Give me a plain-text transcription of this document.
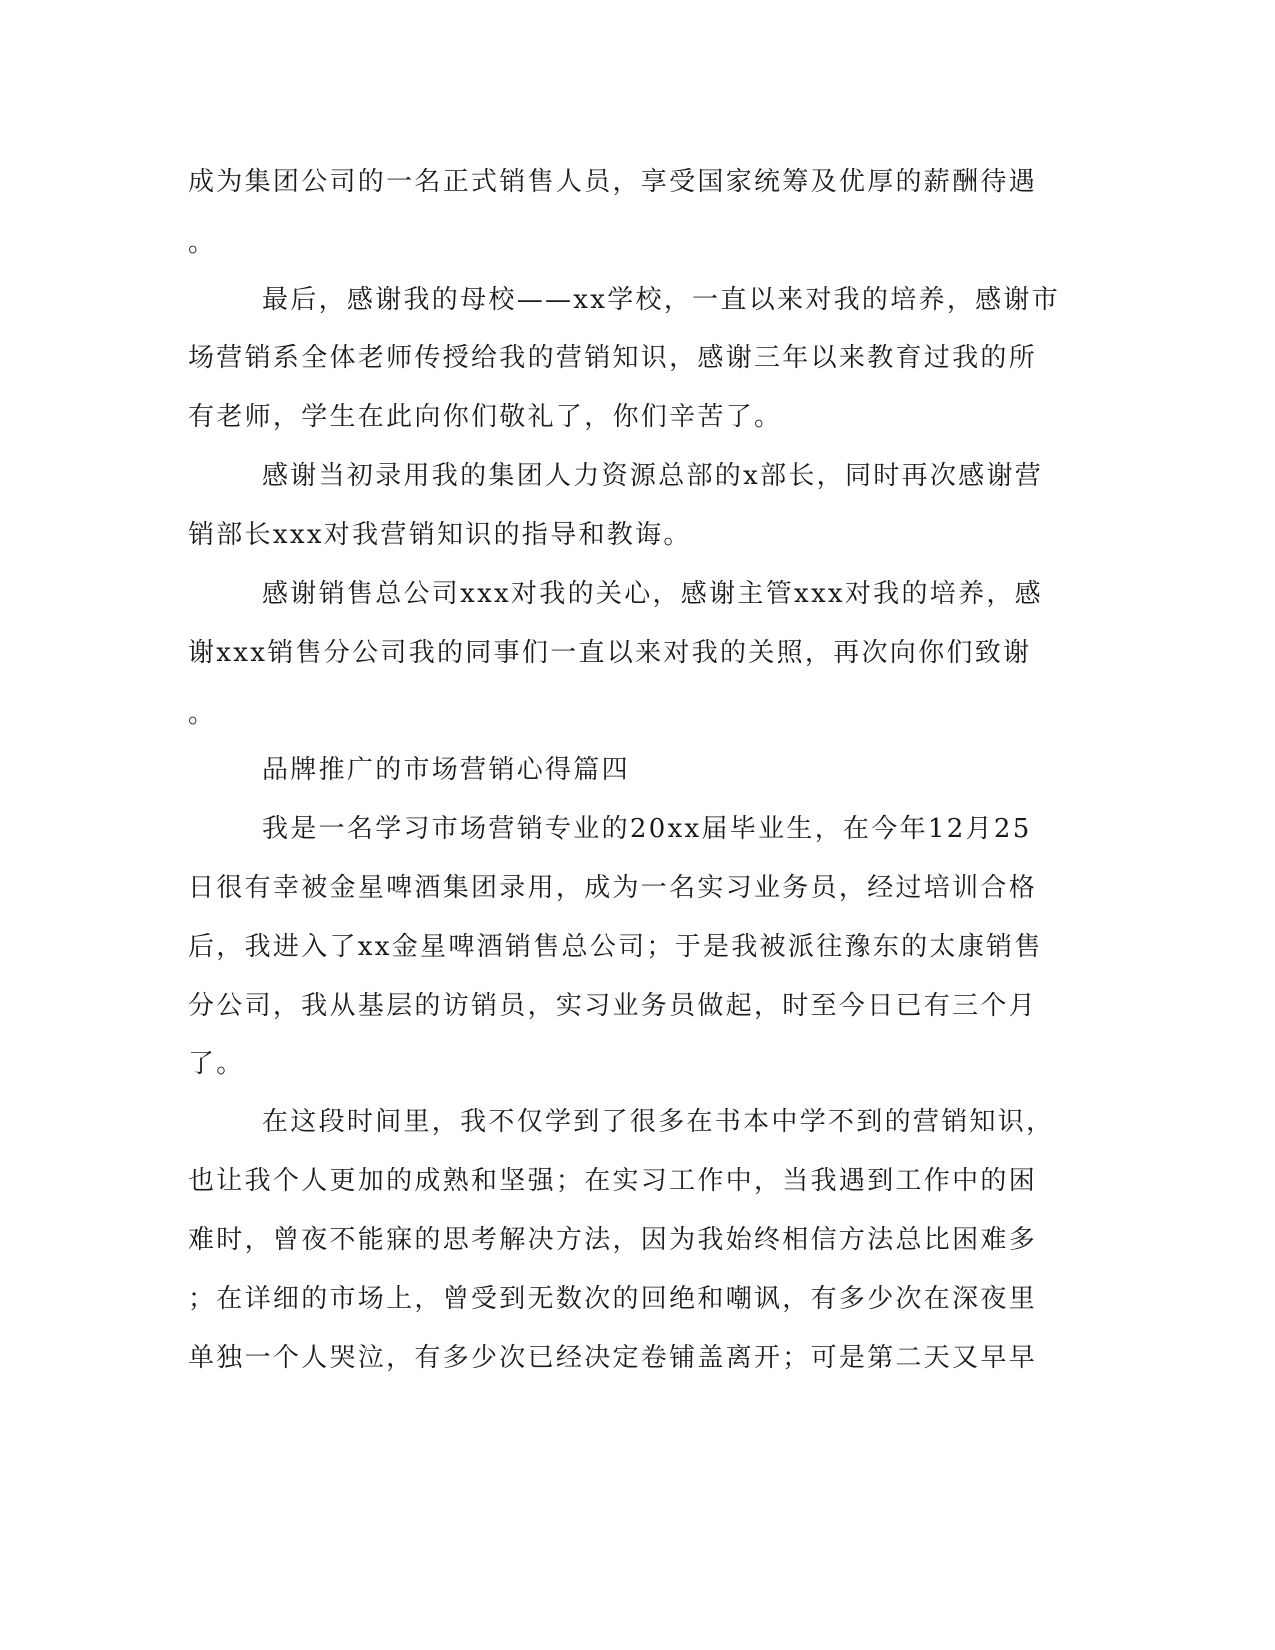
成为集团公司的一名正式销售人员，享受国家统筹及优厚的薪酬待遇
。
最后，感谢我的母校——xx学校，一直以来对我的培养，感谢市
场营销系全体老师传授给我的营销知识，感谢三年以来教育过我的所
有老师，学生在此向你们敬礼了，你们辛苦了。
感谢当初录用我的集团人力资源总部的x部长，同时再次感谢营
销部长xxx对我营销知识的指导和教诲。
感谢销售总公司xxx对我的关心，感谢主管xxx对我的培养，感
谢xxx销售分公司我的同事们一直以来对我的关照，再次向你们致谢
。
品牌推广的市场营销心得篇四
我是一名学习市场营销专业的20xx届毕业生，在今年12月25
日很有幸被金星啤酒集团录用，成为一名实习业务员，经过培训合格
后，我进入了xx金星啤酒销售总公司；于是我被派往豫东的太康销售
分公司，我从基层的访销员，实习业务员做起，时至今日已有三个月
了。
在这段时间里，我不仅学到了很多在书本中学不到的营销知识，
也让我个人更加的成熟和坚强；在实习工作中，当我遇到工作中的困
难时，曾夜不能寐的思考解决方法，因为我始终相信方法总比困难多
；在详细的市场上，曾受到无数次的回绝和嘲讽，有多少次在深夜里
单独一个人哭泣，有多少次已经决定卷铺盖离开；可是第二天又早早
